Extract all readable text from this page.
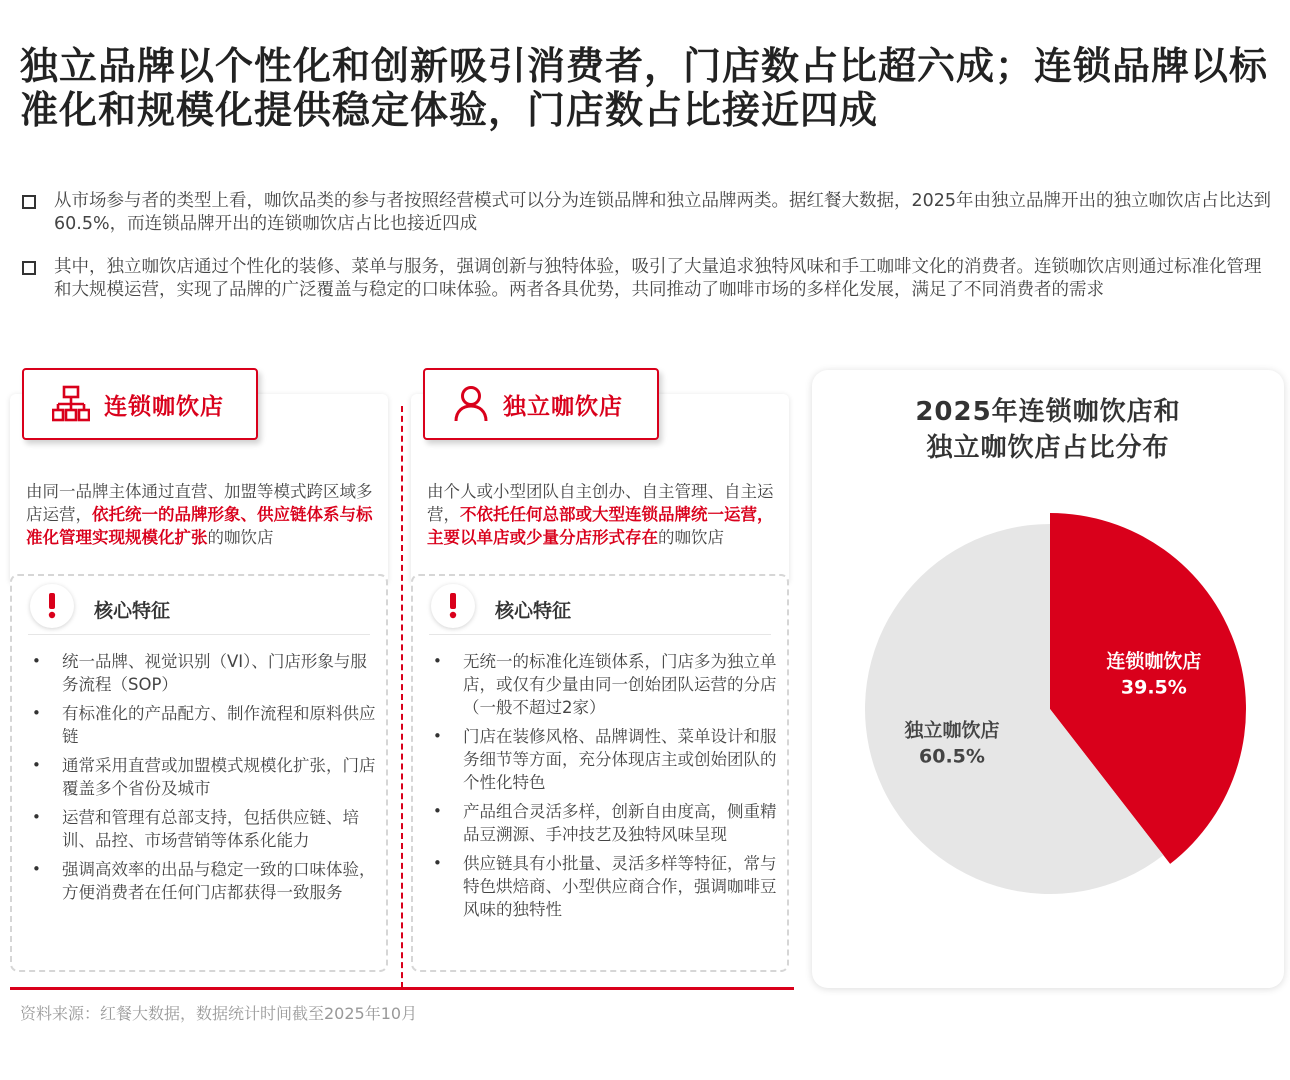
独立品牌以个性化和创新吸引消费者，门店数占比超六成；连锁品牌以标准化和规模化提供稳定体验，门店数占比接近四成
从市场参与者的类型上看，咖饮品类的参与者按照经营模式可以分为连锁品牌和独立品牌两类。据红餐大数据，2025年由独立品牌开出的独立咖饮店占比达到60.5%，而连锁品牌开出的连锁咖饮店占比也接近四成
其中，独立咖饮店通过个性化的装修、菜单与服务，强调创新与独特体验，吸引了大量追求独特风味和手工咖啡文化的消费者。连锁咖饮店则通过标准化管理和大规模运营，实现了品牌的广泛覆盖与稳定的口味体验。两者各具优势，共同推动了咖啡市场的多样化发展，满足了不同消费者的需求
由同一品牌主体通过直营、加盟等模式跨区域多店运营，依托统一的品牌形象、供应链体系与标准化管理实现规模化扩张的咖饮店
连锁咖饮店
核心特征
• 统一品牌、视觉识别（VI）、门店形象与服务流程（SOP）
• 有标准化的产品配方、制作流程和原料供应链
• 通常采用直营或加盟模式规模化扩张，门店覆盖多个省份及城市
• 运营和管理有总部支持，包括供应链、培训、品控、市场营销等体系化能力
• 强调高效率的出品与稳定一致的口味体验，方便消费者在任何门店都获得一致服务
由个人或小型团队自主创办、自主管理、自主运营，不依托任何总部或大型连锁品牌统一运营，主要以单店或少量分店形式存在的咖饮店
独立咖饮店
核心特征
• 无统一的标准化连锁体系，门店多为独立单店，或仅有少量由同一创始团队运营的分店（一般不超过2家）
• 门店在装修风格、品牌调性、菜单设计和服务细节等方面，充分体现店主或创始团队的个性化特色
• 产品组合灵活多样，创新自由度高，侧重精品豆溯源、手冲技艺及独特风味呈现
• 供应链具有小批量、灵活多样等特征，常与特色烘焙商、小型供应商合作，强调咖啡豆风味的独特性
2025年连锁咖饮店和
独立咖饮店占比分布
连锁咖饮店
39.5%
独立咖饮店
60.5%
资料来源：红餐大数据，数据统计时间截至2025年10月
